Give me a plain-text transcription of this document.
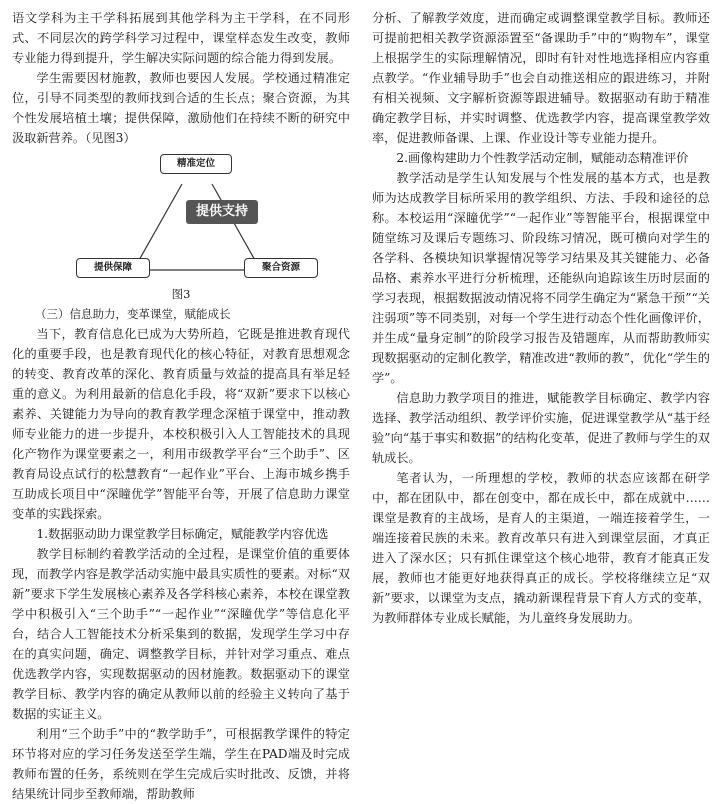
语文学科为主干学科拓展到其他学科为主干学科，在不同形式、不同层次的跨学科学习过程中，课堂样态发生改变，教师专业能力得到提升，学生解决实际问题的综合能力得到发展。

学生需要因材施教，教师也要因人发展。学校通过精准定位，引导不同类型的教师找到合适的生长点；聚合资源，为其个性发展培植土壤；提供保障，激励他们在持续不断的研究中汲取新营养。（见图3）

精准定位
提供支持
提供保障	聚合资源
图3

（三）信息助力，变革课堂，赋能成长

当下，教育信息化已成为大势所趋，它既是推进教育现代化的重要手段，也是教育现代化的核心特征，对教育思想观念的转变、教育改革的深化、教育质量与效益的提高具有举足轻重的意义。为利用最新的信息化手段，将“双新”要求下以核心素养、关键能力为导向的教育教学理念深植于课堂中，推动教师专业能力的进一步提升，本校积极引入人工智能技术的具现化产物作为课堂要素之一，利用市级教学平台“三个助手”、区教育局设点试行的松慧教育“一起作业”平台、上海市城乡携手互助成长项目中“深瞳优学”智能平台等，开展了信息助力课堂变革的实践探索。

1.数据驱动助力课堂教学目标确定，赋能教学内容优选

教学目标制约着教学活动的全过程，是课堂价值的重要体现，而教学内容是教学活动实施中最具实质性的要素。对标“双新”要求下学生发展核心素养及各学科核心素养，本校在课堂教学中积极引入“三个助手”“一起作业”“深瞳优学”等信息化平台，结合人工智能技术分析采集到的数据，发现学生学习中存在的真实问题，确定、调整教学目标，并针对学习重点、难点优选教学内容，实现数据驱动的因材施教。数据驱动下的课堂教学目标、教学内容的确定从教师以前的经验主义转向了基于数据的实证主义。

利用“三个助手”中的“教学助手”，可根据教学课件的特定环节将对应的学习任务发送至学生端，学生在PAD端及时完成教师布置的任务，系统则在学生完成后实时批改、反馈，并将结果统计同步至教师端，帮助教师

分析、了解教学效度，进而确定或调整课堂教学目标。教师还可提前把相关教学资源添置至“备课助手”中的“购物车”，课堂上根据学生的实际理解情况，即时有针对性地选择相应内容重点教学。“作业辅导助手”也会自动推送相应的跟进练习，并附有相关视频、文字解析资源等跟进辅导。数据驱动有助于精准确定教学目标，并实时调整、优选教学内容，提高课堂教学效率，促进教师备课、上课、作业设计等专业能力提升。

2.画像构建助力个性教学活动定制，赋能动态精准评价

教学活动是学生认知发展与个性发展的基本方式，也是教师为达成教学目标所采用的教学组织、方法、手段和途径的总称。本校运用“深瞳优学”“一起作业”等智能平台，根据课堂中随堂练习及课后专题练习、阶段练习情况，既可横向对学生的各学科、各模块知识掌握情况等学习结果及其关键能力、必备品格、素养水平进行分析梳理，还能纵向追踪该生历时层面的学习表现，根据数据波动情况将不同学生确定为“紧急干预”“关注弱项”等不同类别，对每一个学生进行动态个性化画像评价，并生成“量身定制”的阶段学习报告及错题库，从而帮助教师实现数据驱动的定制化教学，精准改进“教师的教”，优化“学生的学”。

信息助力教学项目的推进，赋能教学目标确定、教学内容选择、教学活动组织、教学评价实施，促进课堂教学从“基于经验”向“基于事实和数据”的结构化变革，促进了教师与学生的双轨成长。

笔者认为，一所理想的学校，教师的状态应该都在研学中，都在团队中，都在创变中，都在成长中，都在成就中……课堂是教育的主战场，是育人的主渠道，一端连接着学生，一端连接着民族的未来。教育改革只有进入到课堂层面，才真正进入了深水区；只有抓住课堂这个核心地带，教育才能真正发展，教师也才能更好地获得真正的成长。学校将继续立足“双新”要求，以课堂为支点，撬动新课程背景下育人方式的变革，为教师群体专业成长赋能，为儿童终身发展助力。
